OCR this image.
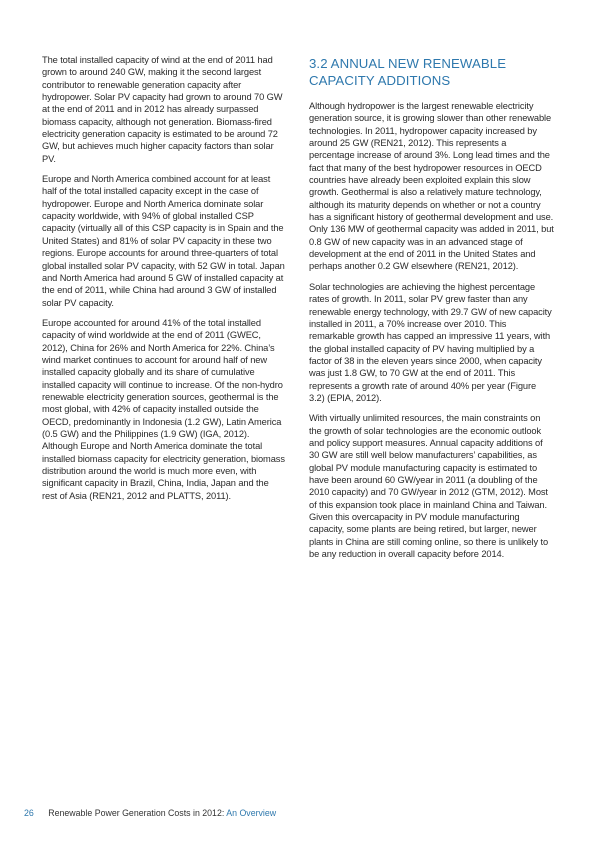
The total installed capacity of wind at the end of 2011 had grown to around 240 GW, making it the second largest contributor to renewable generation capacity after hydropower. Solar PV capacity had grown to around 70 GW at the end of 2011 and in 2012 has already surpassed biomass capacity, although not generation. Biomass-fired electricity generation capacity is estimated to be around 72 GW, but achieves much higher capacity factors than solar PV.

Europe and North America combined account for at least half of the total installed capacity except in the case of hydropower. Europe and North America dominate solar capacity worldwide, with 94% of global installed CSP capacity (virtually all of this CSP capacity is in Spain and the United States) and 81% of solar PV capacity in these two regions. Europe accounts for around three-quarters of total global installed solar PV capacity, with 52 GW in total. Japan and North America had around 5 GW of installed capacity at the end of 2011, while China had around 3 GW of installed solar PV capacity.

Europe accounted for around 41% of the total installed capacity of wind worldwide at the end of 2011 (GWEC, 2012), China for 26% and North America for 22%. China’s wind market continues to account for around half of new installed capacity globally and its share of cumulative installed capacity will continue to increase. Of the non-hydro renewable electricity generation sources, geothermal is the most global, with 42% of capacity installed outside the OECD, predominantly in Indonesia (1.2 GW), Latin America (0.5 GW) and the Philippines (1.9 GW) (IGA, 2012). Although Europe and North America dominate the total installed biomass capacity for electricity generation, biomass distribution around the world is much more even, with significant capacity in Brazil, China, India, Japan and the rest of Asia (REN21, 2012 and PLATTS, 2011).

3.2 ANNUAL NEW RENEWABLE CAPACITY ADDITIONS

Although hydropower is the largest renewable electricity generation source, it is growing slower than other renewable technologies. In 2011, hydropower capacity increased by around 25 GW (REN21, 2012). This represents a percentage increase of around 3%. Long lead times and the fact that many of the best hydropower resources in OECD countries have already been exploited explain this slow growth. Geothermal is also a relatively mature technology, although its maturity depends on whether or not a country has a significant history of geothermal development and use. Only 136 MW of geothermal capacity was added in 2011, but 0.8 GW of new capacity was in an advanced stage of development at the end of 2011 in the United States and perhaps another 0.2 GW elsewhere (REN21, 2012).

Solar technologies are achieving the highest percentage rates of growth. In 2011, solar PV grew faster than any renewable energy technology, with 29.7 GW of new capacity installed in 2011, a 70% increase over 2010. This remarkable growth has capped an impressive 11 years, with the global installed capacity of PV having multiplied by a factor of 38 in the eleven years since 2000, when capacity was just 1.8 GW, to 70 GW at the end of 2011. This represents a growth rate of around 40% per year (Figure 3.2) (EPIA, 2012).

With virtually unlimited resources, the main constraints on the growth of solar technologies are the economic outlook and policy support measures. Annual capacity additions of 30 GW are still well below manufacturers’ capabilities, as global PV module manufacturing capacity is estimated to have been around 60 GW/year in 2011 (a doubling of the 2010 capacity) and 70 GW/year in 2012 (GTM, 2012). Most of this expansion took place in mainland China and Taiwan. Given this overcapacity in PV module manufacturing capacity, some plants are being retired, but larger, newer plants in China are still coming online, so there is unlikely to be any reduction in overall capacity before 2014.

26 Renewable Power Generation Costs in 2012: An Overview
